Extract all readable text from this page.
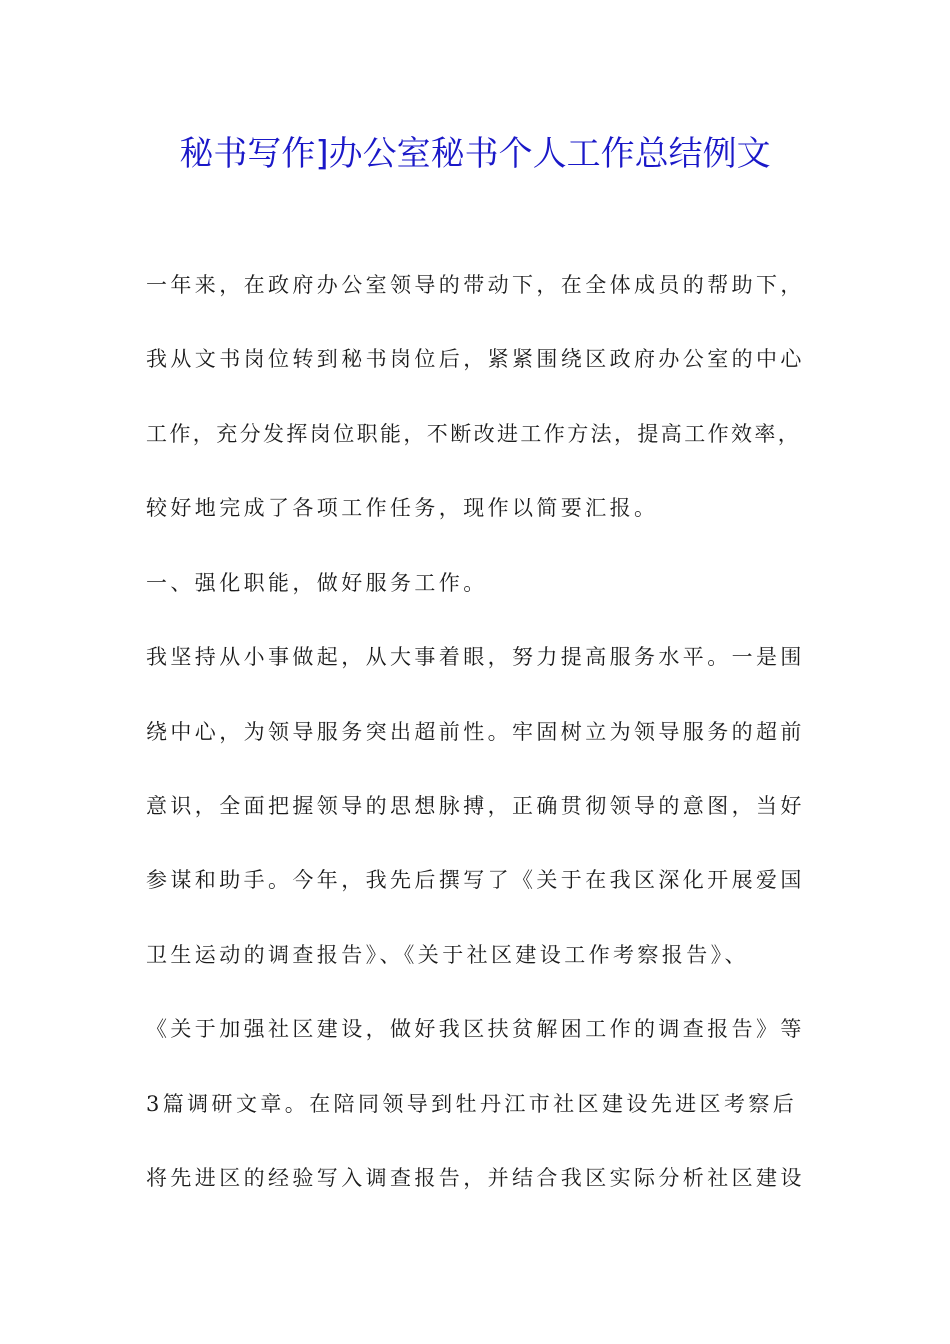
秘书写作]办公室秘书个人工作总结例文
一年来，在政府办公室领导的带动下，在全体成员的帮助下，
我从文书岗位转到秘书岗位后，紧紧围绕区政府办公室的中心
工作，充分发挥岗位职能，不断改进工作方法，提高工作效率，
较好地完成了各项工作任务，现作以简要汇报。
一、强化职能，做好服务工作。
我坚持从小事做起，从大事着眼，努力提高服务水平。一是围
绕中心，为领导服务突出超前性。牢固树立为领导服务的超前
意识，全面把握领导的思想脉搏，正确贯彻领导的意图，当好
参谋和助手。今年，我先后撰写了《关于在我区深化开展爱国
卫生运动的调查报告》、《关于社区建设工作考察报告》、
《关于加强社区建设，做好我区扶贫解困工作的调查报告》等
3篇调研文章。在陪同领导到牡丹江市社区建设先进区考察后
将先进区的经验写入调查报告，并结合我区实际分析社区建设
